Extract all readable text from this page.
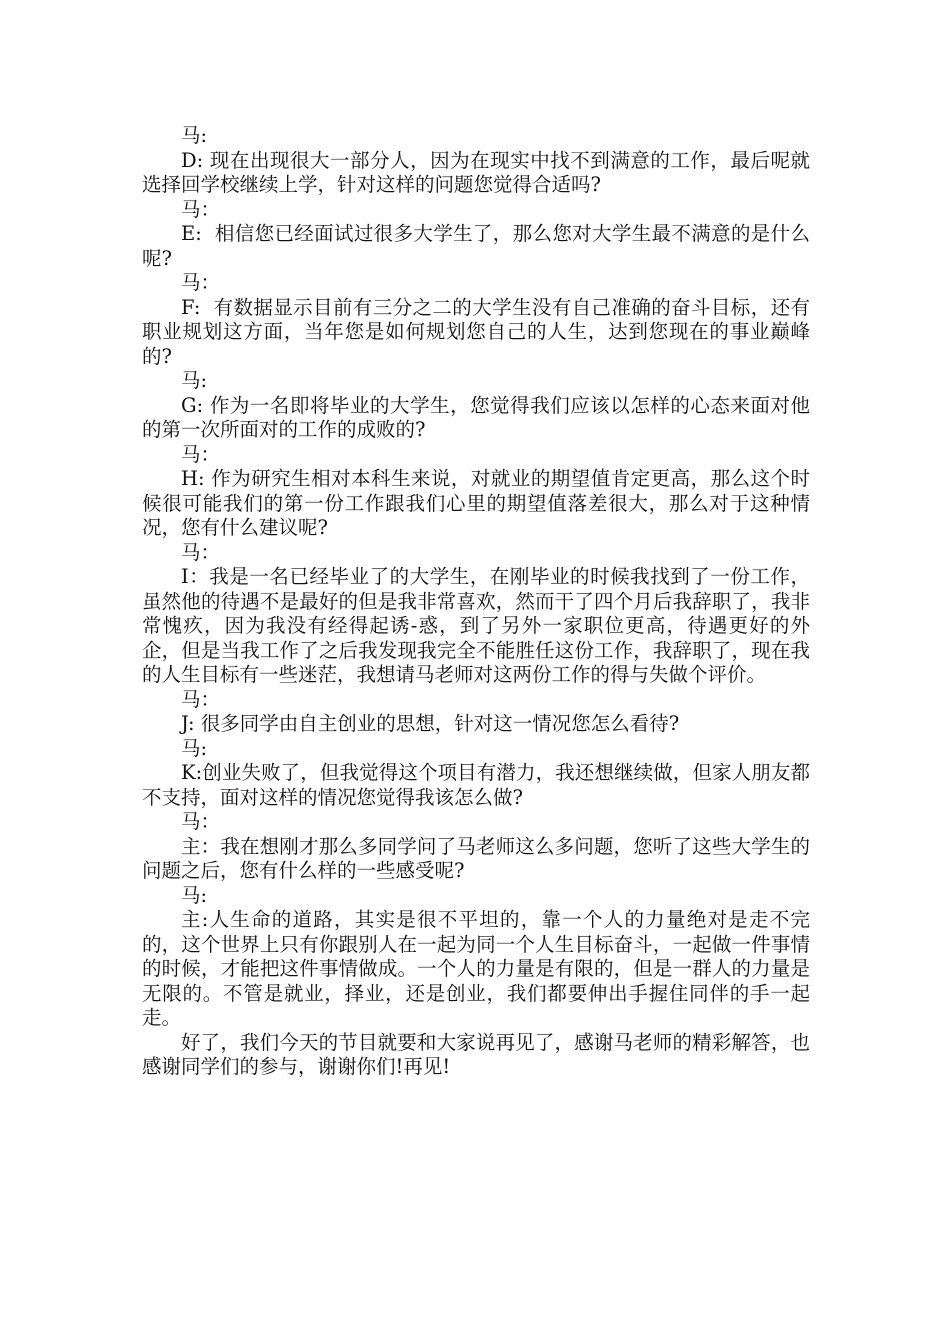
马:

D: 现在出现很大一部分人，因为在现实中找不到满意的工作，最后呢就选择回学校继续上学，针对这样的问题您觉得合适吗?

马：

E:  相信您已经面试过很多大学生了，那么您对大学生最不满意的是什么呢?

马：

F:  有数据显示目前有三分之二的大学生没有自己准确的奋斗目标，还有职业规划这方面，当年您是如何规划您自己的人生，达到您现在的事业巅峰的?

马:

G: 作为一名即将毕业的大学生，您觉得我们应该以怎样的心态来面对他的第一次所面对的工作的成败的?

马：

H: 作为研究生相对本科生来说，对就业的期望值肯定更高，那么这个时候很可能我们的第一份工作跟我们心里的期望值落差很大，那么对于这种情况，您有什么建议呢?

马：

I：我是一名已经毕业了的大学生，在刚毕业的时候我找到了一份工作，虽然他的待遇不是最好的但是我非常喜欢，然而干了四个月后我辞职了，我非常愧疚，因为我没有经得起诱-惑，到了另外一家职位更高，待遇更好的外企，但是当我工作了之后我发现我完全不能胜任这份工作，我辞职了，现在我的人生目标有一些迷茫，我想请马老师对这两份工作的得与失做个评价。

马：

J: 很多同学由自主创业的思想，针对这一情况您怎么看待?

马:

K:创业失败了，但我觉得这个项目有潜力，我还想继续做，但家人朋友都不支持，面对这样的情况您觉得我该怎么做?

马：

主：我在想刚才那么多同学问了马老师这么多问题，您听了这些大学生的问题之后，您有什么样的一些感受呢?

马:

主:人生命的道路，其实是很不平坦的，靠一个人的力量绝对是走不完的，这个世界上只有你跟别人在一起为同一个人生目标奋斗，一起做一件事情的时候，才能把这件事情做成。一个人的力量是有限的，但是一群人的力量是无限的。不管是就业，择业，还是创业，我们都要伸出手握住同伴的手一起走。

好了，我们今天的节目就要和大家说再见了，感谢马老师的精彩解答，也感谢同学们的参与，谢谢你们!再见!
